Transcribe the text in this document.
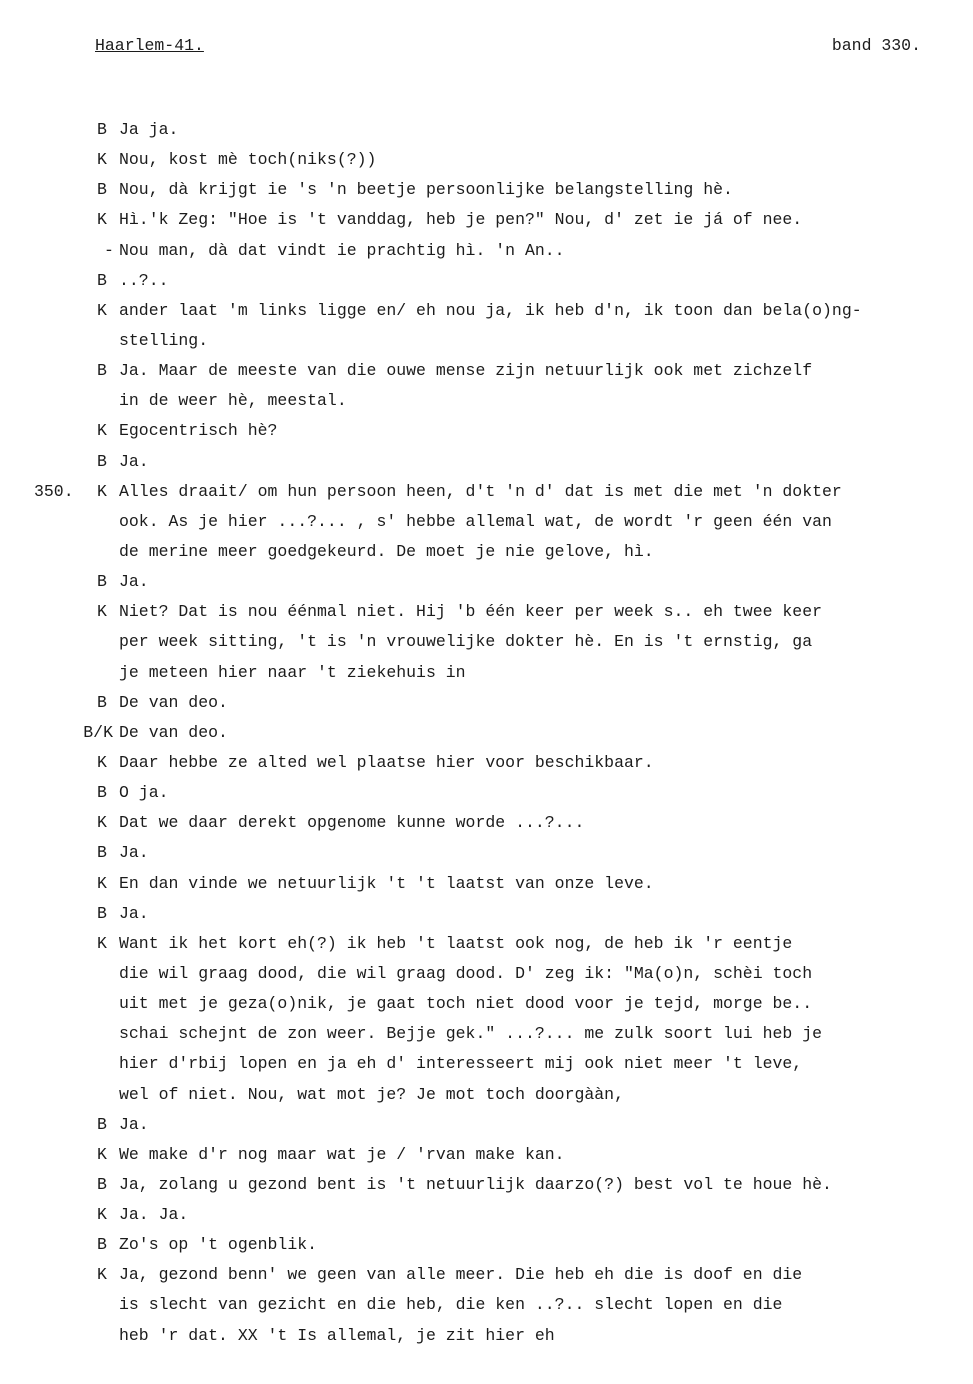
Haarlem-41.	band 330.
B Ja ja.
K Nou, kost mè toch(niks(?))
B Nou, dà krijgt ie 's 'n beetje persoonlijke belangstelling hè.
K Hì.'k Zeg: "Hoe is 't vanddag, heb je pen?" Nou, d' zet ie já of nee.
- Nou man, dà dat vindt ie prachtig hì. 'n An..
B ..?..
K ander laat 'm links ligge en/ eh nou ja, ik heb d'n, ik toon dan bela(o)ng-
stelling.
B Ja. Maar de meeste van die ouwe mense zijn netuurlijk ook met zichzelf
in de weer hè, meestal.
K Egocentrisch hè?
B Ja.
350. K Alles draait/ om hun persoon heen, d't 'n d' dat is met die met 'n dokter
ook. As je hier ...?... , s' hebbe allemal wat, de wordt 'r geen één van
de merine meer goedgekeurd. De moet je nie gelove, hì.
B Ja.
K Niet? Dat is nou éénmal niet. Hij 'b één keer per week s.. eh twee keer
per week sitting, 't is 'n vrouwelijke dokter hè. En is 't ernstig, ga
je meteen hier naar 't ziekehuis in
B De van deo.
B/K De van deo.
K Daar hebbe ze alted wel plaatse hier voor beschikbaar.
B O ja.
K Dat we daar derekt opgenome kunne worde ...?...
B Ja.
K En dan vinde we netuurlijk 't 't laatst van onze leve.
B Ja.
K Want ik het kort eh(?) ik heb 't laatst ook nog, de heb ik 'r eentje
die wil graag dood, die wil graag dood. D' zeg ik: "Ma(o)n, schèi toch
uit met je geza(o)nik, je gaat toch niet dood voor je tejd, morge be..
schai schejnt de zon weer. Bejje gek." ...?... me zulk soort lui heb je
hier d'rbij lopen en ja eh d' interesseert mij ook niet meer 't leve,
wel of niet. Nou, wat mot je? Je mot toch doorgààn,
B Ja.
K We make d'r nog maar wat je / 'rvan make kan.
B Ja, zolang u gezond bent is 't netuurlijk daarzo(?) best vol te houe hè.
K Ja. Ja.
B Zo's op 't ogenblik.
K Ja, gezond benn' we geen van alle meer. Die heb eh die is doof en die
is slecht van gezicht en die heb, die ken ..?.. slecht lopen en die
heb 'r dat. XX 't Is allemal, je zit hier eh
